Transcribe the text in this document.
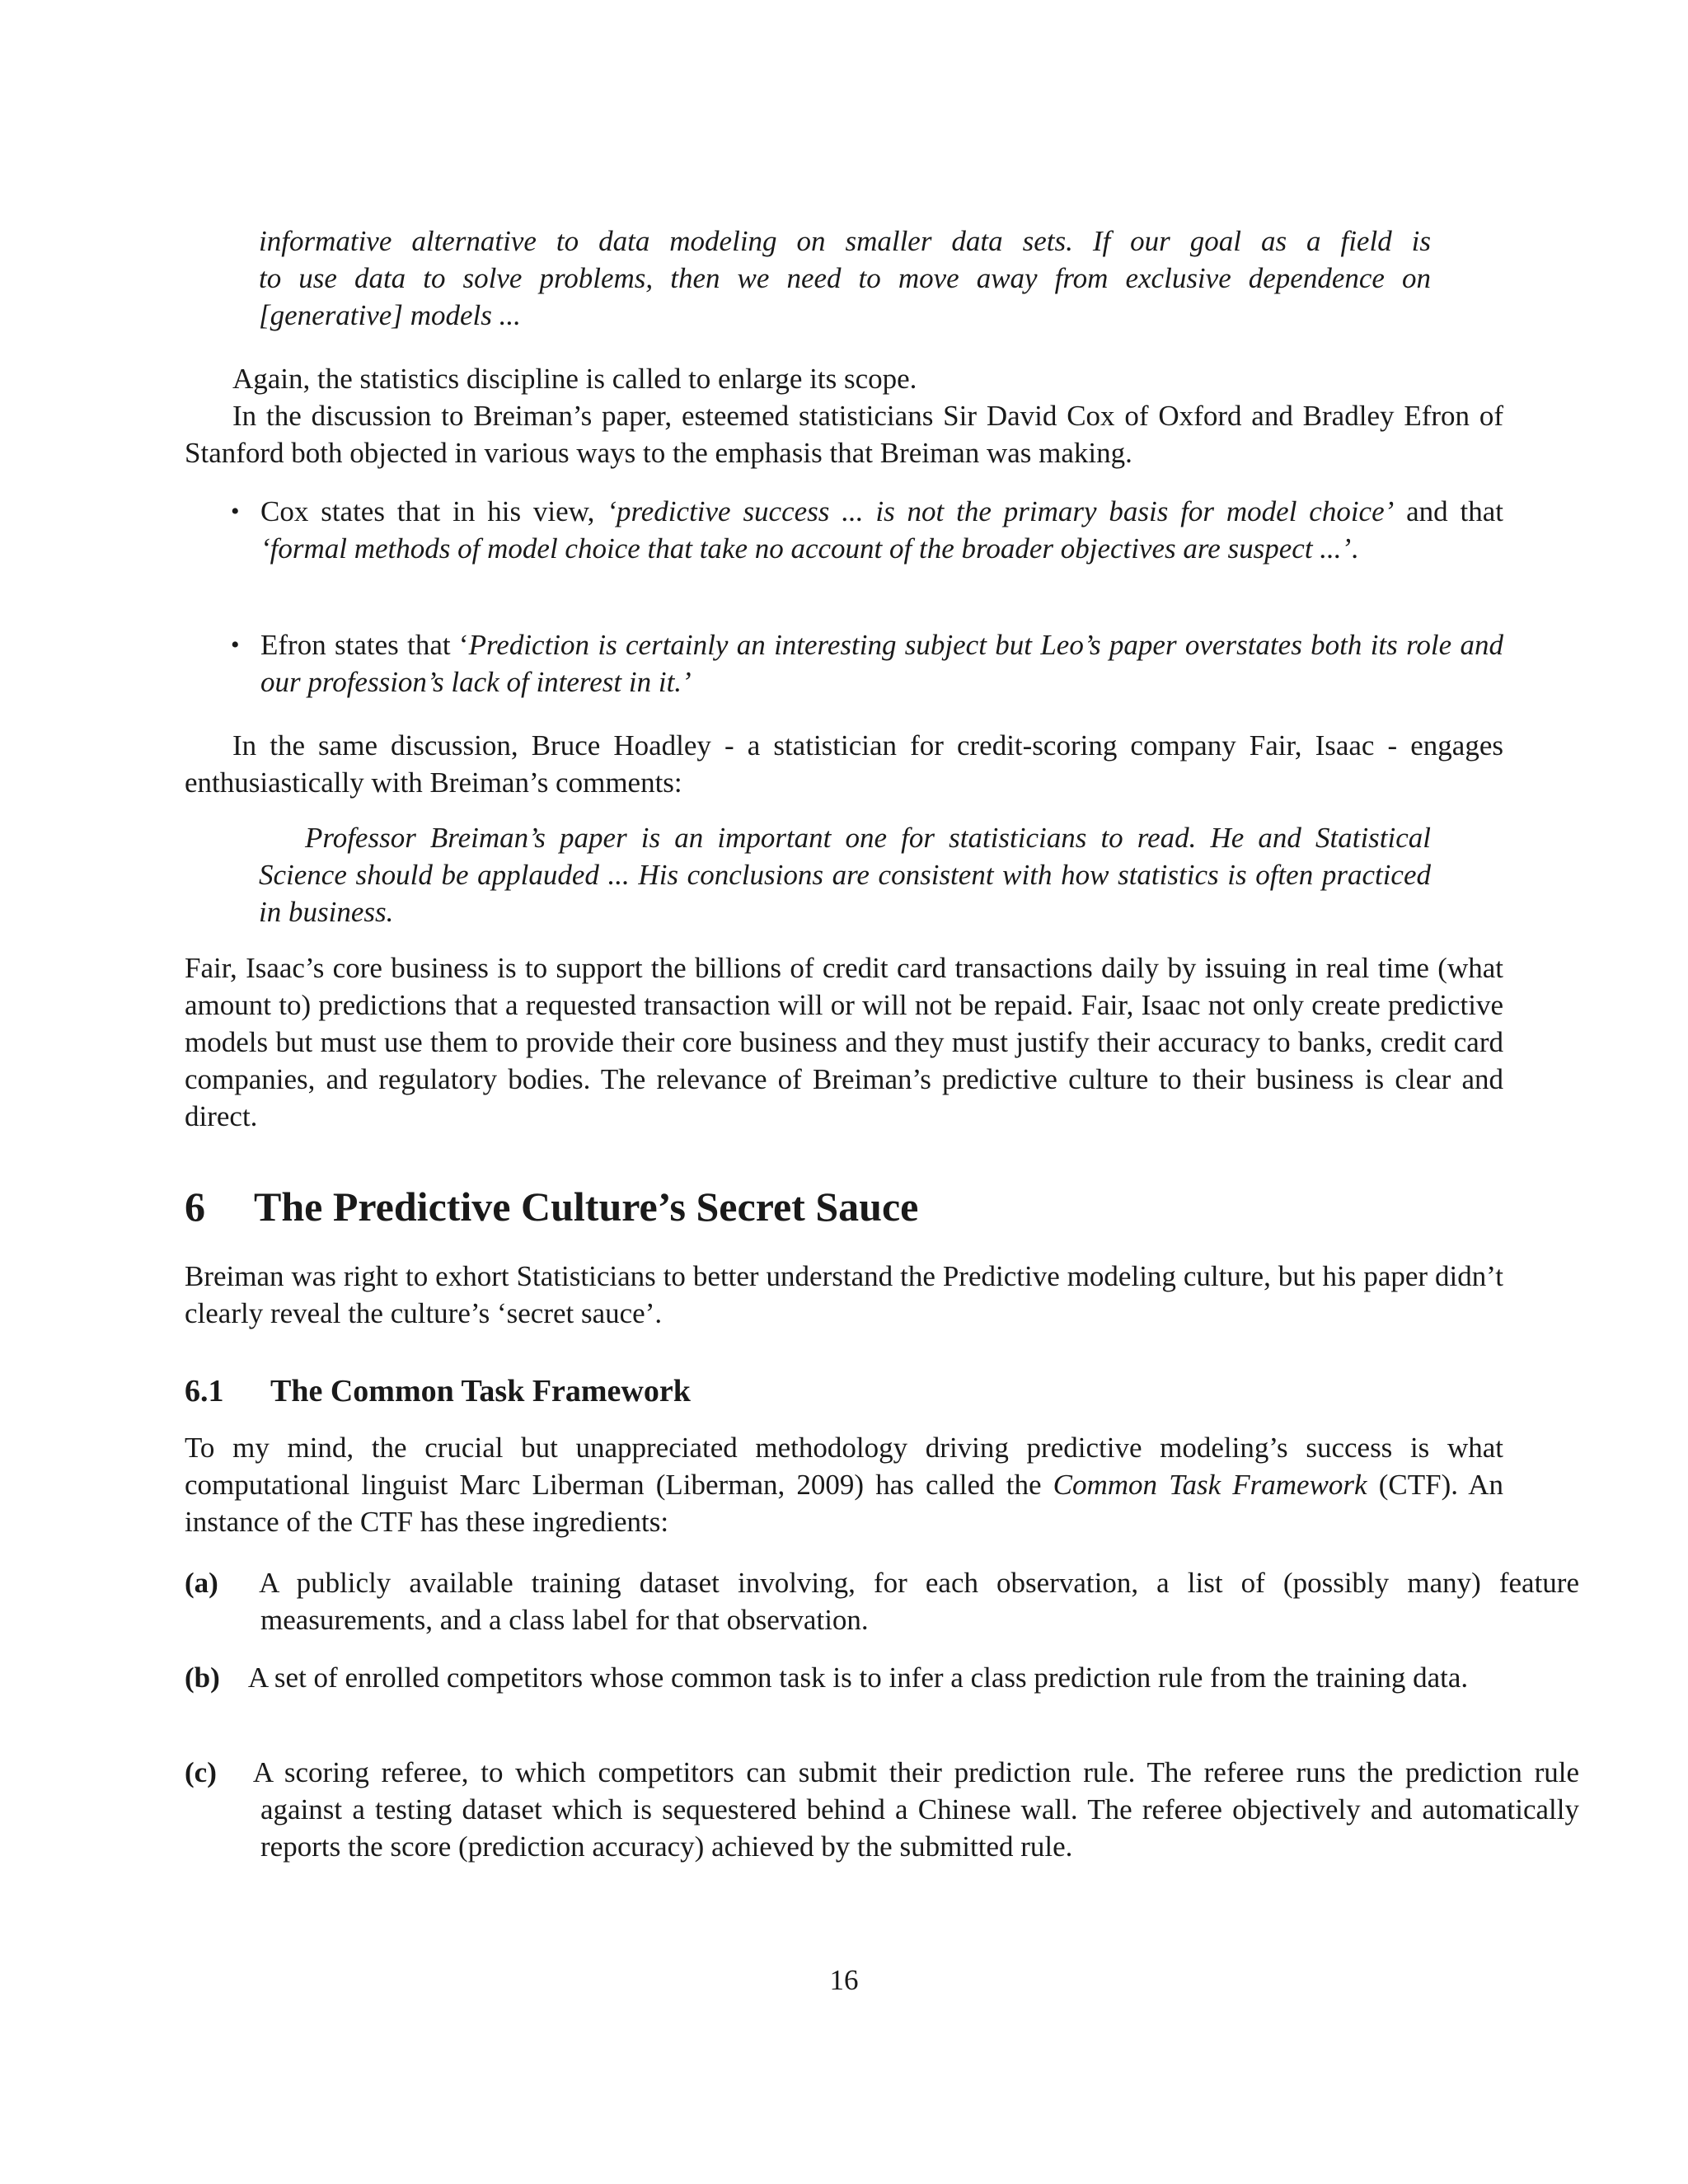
informative alternative to data modeling on smaller data sets. If our goal as a field is
to use data to solve problems, then we need to move away from exclusive dependence on
[generative] models ...
Again, the statistics discipline is called to enlarge its scope.
In the discussion to Breiman’s paper, esteemed statisticians Sir David Cox of Oxford and Bradley Efron of Stanford both objected in various ways to the emphasis that Breiman was making.
• Cox states that in his view, ‘predictive success ... is not the primary basis for model choice’ and that ‘formal methods of model choice that take no account of the broader objectives are suspect ...’.
• Efron states that ‘Prediction is certainly an interesting subject but Leo’s paper overstates both its role and our profession’s lack of interest in it.’
In the same discussion, Bruce Hoadley - a statistician for credit-scoring company Fair, Isaac - engages enthusiastically with Breiman’s comments:
Professor Breiman’s paper is an important one for statisticians to read. He and Statistical Science should be applauded ... His conclusions are consistent with how statistics is often practiced in business.
Fair, Isaac’s core business is to support the billions of credit card transactions daily by issuing in real time (what amount to) predictions that a requested transaction will or will not be repaid. Fair, Isaac not only create predictive models but must use them to provide their core business and they must justify their accuracy to banks, credit card companies, and regulatory bodies. The relevance of Breiman’s predictive culture to their business is clear and direct.
6 The Predictive Culture’s Secret Sauce
Breiman was right to exhort Statisticians to better understand the Predictive modeling culture, but his paper didn’t clearly reveal the culture’s ‘secret sauce’.
6.1 The Common Task Framework
To my mind, the crucial but unappreciated methodology driving predictive modeling’s success is what computational linguist Marc Liberman (Liberman, 2009) has called the Common Task Framework (CTF). An instance of the CTF has these ingredients:
(a) A publicly available training dataset involving, for each observation, a list of (possibly many) feature measurements, and a class label for that observation.
(b) A set of enrolled competitors whose common task is to infer a class prediction rule from the training data.
(c) A scoring referee, to which competitors can submit their prediction rule. The referee runs the prediction rule against a testing dataset which is sequestered behind a Chinese wall. The referee objectively and automatically reports the score (prediction accuracy) achieved by the submitted rule.
16
